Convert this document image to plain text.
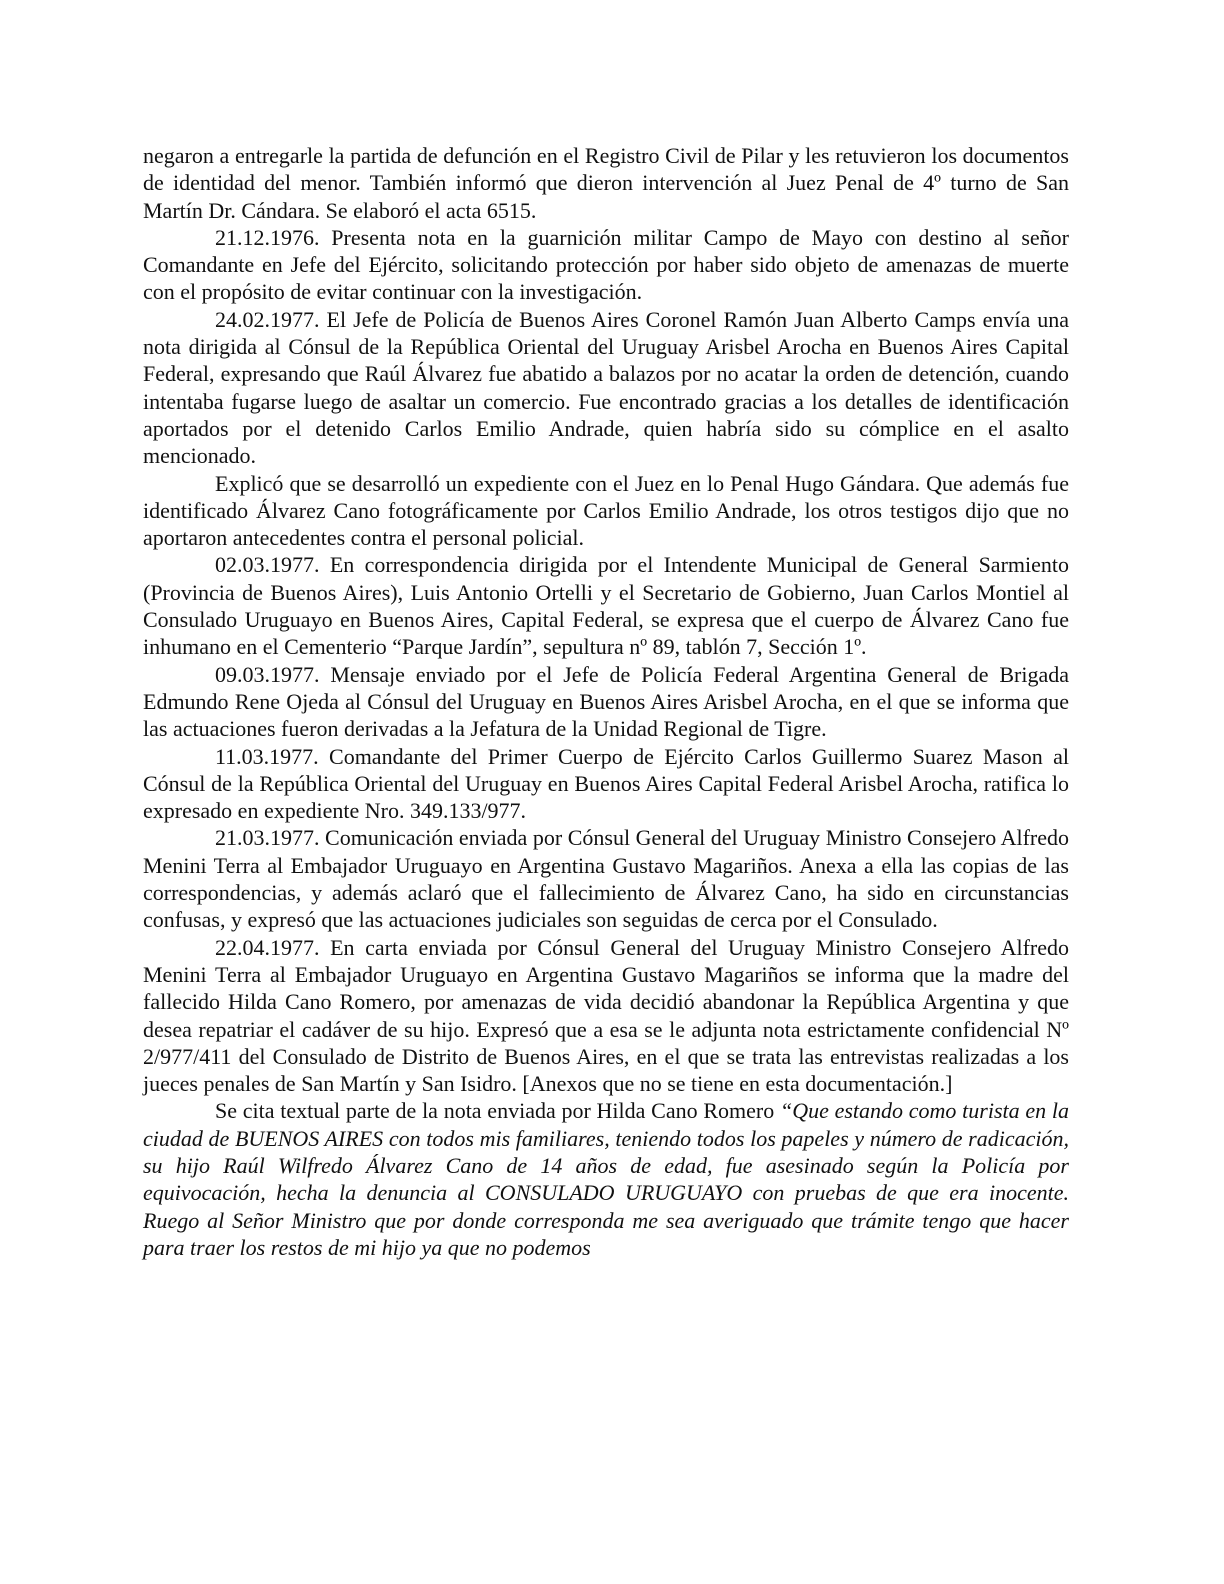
negaron a entregarle la partida de defunción en el Registro Civil de Pilar y les retuvieron los documentos de identidad del menor. También informó que dieron intervención al Juez Penal de 4º turno de San Martín Dr. Cándara. Se elaboró el acta 6515.

21.12.1976. Presenta nota en la guarnición militar Campo de Mayo con destino al señor Comandante en Jefe del Ejército, solicitando protección por haber sido objeto de amenazas de muerte con el propósito de evitar continuar con la investigación.

24.02.1977. El Jefe de Policía de Buenos Aires Coronel Ramón Juan Alberto Camps envía una nota dirigida al Cónsul de la República Oriental del Uruguay Arisbel Arocha en Buenos Aires Capital Federal, expresando que Raúl Álvarez fue abatido a balazos por no acatar la orden de detención, cuando intentaba fugarse luego de asaltar un comercio. Fue encontrado gracias a los detalles de identificación aportados por el detenido Carlos Emilio Andrade, quien habría sido su cómplice en el asalto mencionado.

Explicó que se desarrolló un expediente con el Juez en lo Penal Hugo Gándara. Que además fue identificado Álvarez Cano fotográficamente por Carlos Emilio Andrade, los otros testigos dijo que no aportaron antecedentes contra el personal policial.

02.03.1977. En correspondencia dirigida por el Intendente Municipal de General Sarmiento (Provincia de Buenos Aires), Luis Antonio Ortelli y el Secretario de Gobierno, Juan Carlos Montiel al Consulado Uruguayo en Buenos Aires, Capital Federal, se expresa que el cuerpo de Álvarez Cano fue inhumano en el Cementerio “Parque Jardín”, sepultura nº 89, tablón 7, Sección 1º.

09.03.1977. Mensaje enviado por el Jefe de Policía Federal Argentina General de Brigada Edmundo Rene Ojeda al Cónsul del Uruguay en Buenos Aires Arisbel Arocha, en el que se informa que las actuaciones fueron derivadas a la Jefatura de la Unidad Regional de Tigre.

11.03.1977. Comandante del Primer Cuerpo de Ejército Carlos Guillermo Suarez Mason al Cónsul de la República Oriental del Uruguay en Buenos Aires Capital Federal Arisbel Arocha, ratifica lo expresado en expediente Nro. 349.133/977.

21.03.1977. Comunicación enviada por Cónsul General del Uruguay Ministro Consejero Alfredo Menini Terra al Embajador Uruguayo en Argentina Gustavo Magariños. Anexa a ella las copias de las correspondencias, y además aclaró que el fallecimiento de Álvarez Cano, ha sido en circunstancias confusas, y expresó que las actuaciones judiciales son seguidas de cerca por el Consulado.

22.04.1977. En carta enviada por Cónsul General del Uruguay Ministro Consejero Alfredo Menini Terra al Embajador Uruguayo en Argentina Gustavo Magariños se informa que la madre del fallecido Hilda Cano Romero, por amenazas de vida decidió abandonar la República Argentina y que desea repatriar el cadáver de su hijo. Expresó que a esa se le adjunta nota estrictamente confidencial Nº 2/977/411 del Consulado de Distrito de Buenos Aires, en el que se trata las entrevistas realizadas a los jueces penales de San Martín y San Isidro. [Anexos que no se tiene en esta documentación.]

Se cita textual parte de la nota enviada por Hilda Cano Romero “Que estando como turista en la ciudad de BUENOS AIRES con todos mis familiares, teniendo todos los papeles y número de radicación, su hijo Raúl Wilfredo Álvarez Cano de 14 años de edad, fue asesinado según la Policía por equivocación, hecha la denuncia al CONSULADO URUGUAYO con pruebas de que era inocente. Ruego al Señor Ministro que por donde corresponda me sea averiguado que trámite tengo que hacer para traer los restos de mi hijo ya que no podemos
